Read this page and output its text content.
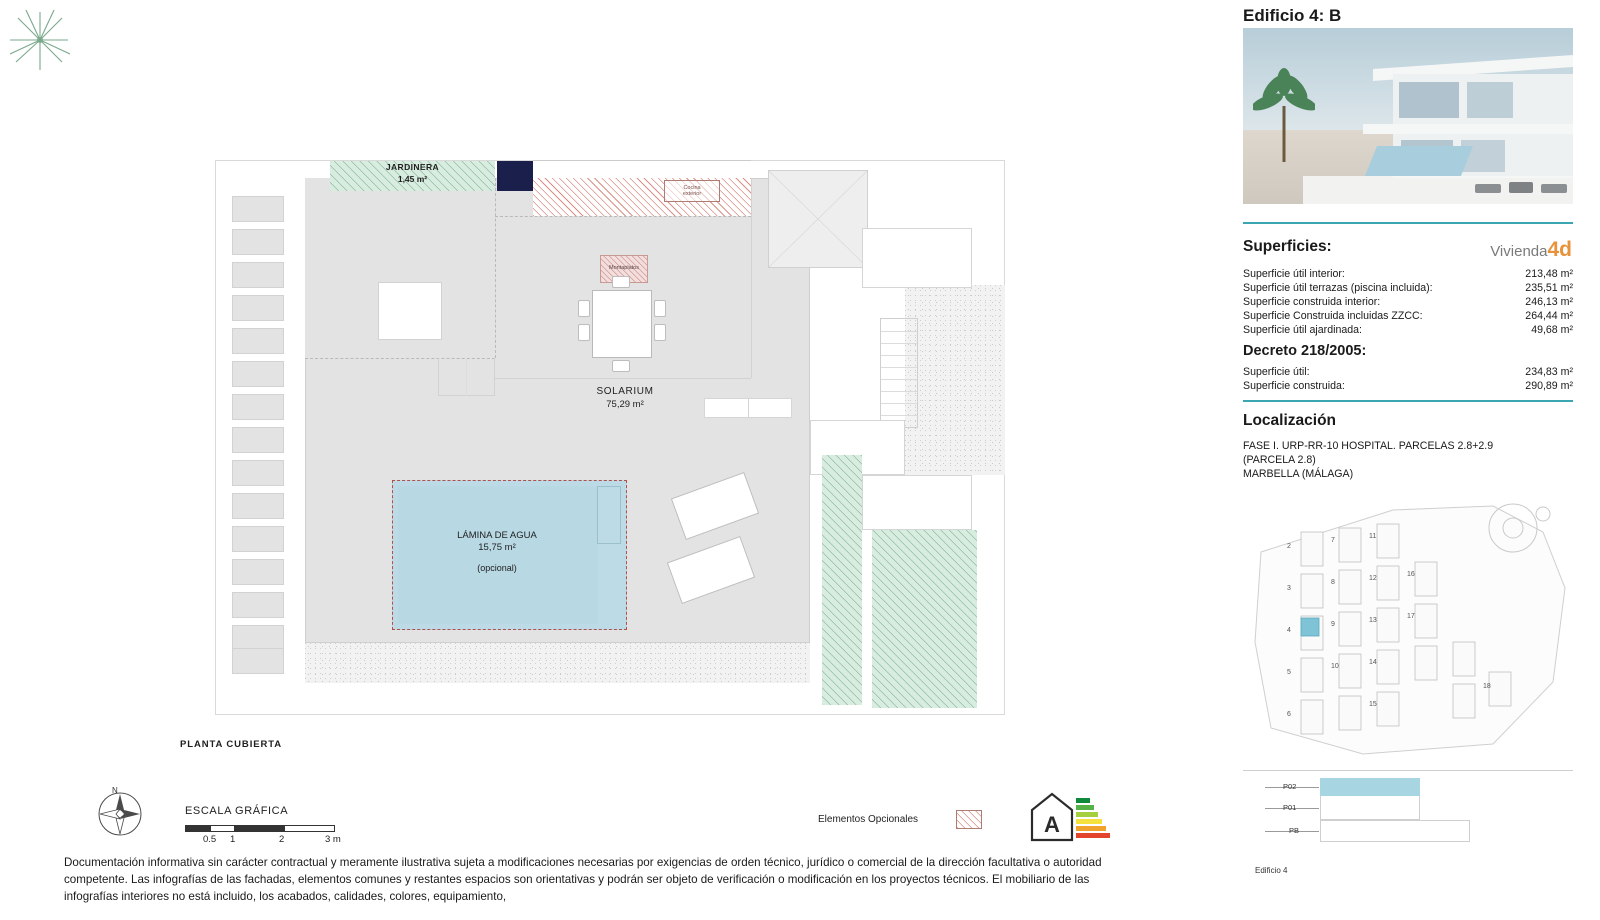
JARDINERA
1,45 m²
Cocina
exterior
Montaplatos
SOLARIUM
75,29 m²
LÁMINA DE AGUA
15,75 m²
(opcional)
PLANTA CUBIERTA
N
ESCALA GRÁFICA
0.5 1	2	3 m
Elementos Opcionales	A
Documentación informativa sin carácter contractual y meramente ilustrativa sujeta a modificaciones necesarias por exigencias de orden técnico, jurídico o comercial de la dirección facultativa o autoridad competente. Las infografías de las fachadas, elementos comunes y restantes espacios son orientativas y podrán ser objeto de verificación o modificación en los proyectos técnicos. El mobiliario de las infografías interiores no está incluido, los acabados, calidades, colores, equipamiento,
Edificio 4: B
Superficies:	Vivienda4d
Superficie útil interior:	213,48 m²
Superficie útil terrazas (piscina incluida):	235,51 m²
Superficie construida interior:	246,13 m²
Superficie Construida incluidas ZZCC:	264,44 m²
Superficie útil ajardinada:	49,68 m²
Decreto 218/2005:
Superficie útil:	234,83 m²
Superficie construida:	290,89 m²
Localización
FASE I. URP-RR-10 HOSPITAL. PARCELAS 2.8+2.9
(PARCELA 2.8)
MARBELLA (MÁLAGA)
2
7
11
3
8
12
16
4
9
13
17
5
10
14
6
15
18
P02
P01
PB
Edificio 4
